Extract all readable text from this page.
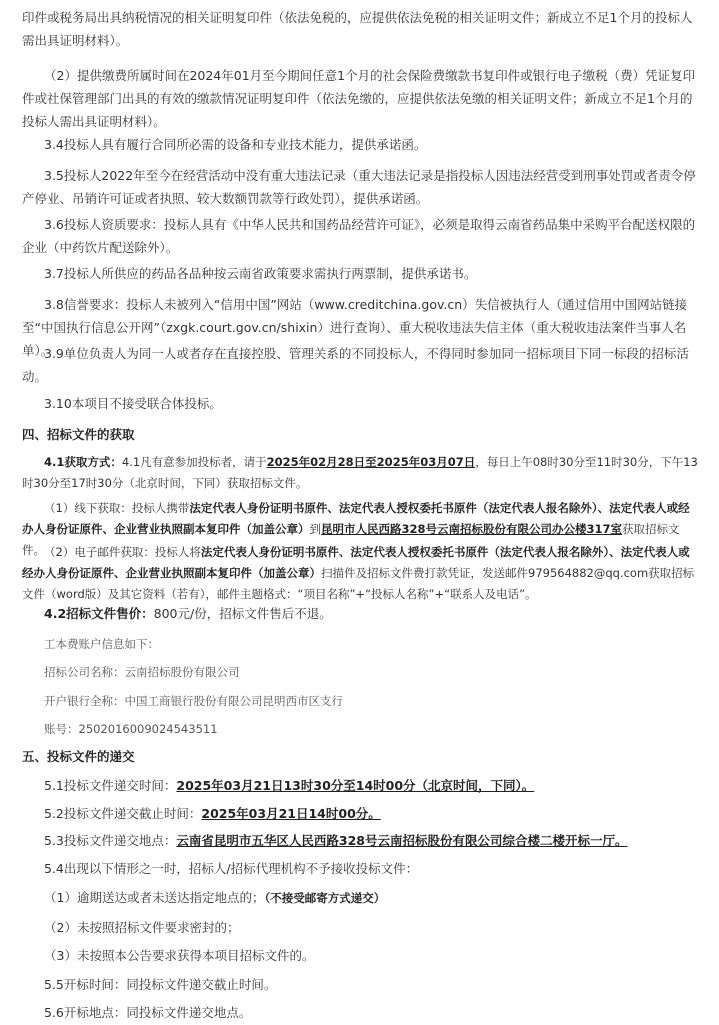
印件或税务局出具纳税情况的相关证明复印件（依法免税的，应提供依法免税的相关证明文件；新成立不足1个月的投标人需出具证明材料）。

（2）提供缴费所属时间在2024年01月至今期间任意1个月的社会保险费缴款书复印件或银行电子缴税（费）凭证复印件或社保管理部门出具的有效的缴款情况证明复印件（依法免缴的，应提供依法免缴的相关证明文件；新成立不足1个月的投标人需出具证明材料）。

3.4投标人具有履行合同所必需的设备和专业技术能力，提供承诺函。

3.5投标人2022年至今在经营活动中没有重大违法记录（重大违法记录是指投标人因违法经营受到刑事处罚或者责令停产停业、吊销许可证或者执照、较大数额罚款等行政处罚），提供承诺函。

3.6投标人资质要求：投标人具有《中华人民共和国药品经营许可证》，必须是取得云南省药品集中采购平台配送权限的企业（中药饮片配送除外）。

3.7投标人所供应的药品各品种按云南省政策要求需执行两票制，提供承诺书。

3.8信誉要求：投标人未被列入“信用中国”网站（www.creditchina.gov.cn）失信被执行人（通过信用中国网站链接至“中国执行信息公开网”（zxgk.court.gov.cn/shixin）进行查询）、重大税收违法失信主体（重大税收违法案件当事人名单）。

3.9单位负责人为同一人或者存在直接控股、管理关系的不同投标人，不得同时参加同一招标项目下同一标段的招标活动。

3.10本项目不接受联合体投标。

四、招标文件的获取

4.1获取方式：4.1凡有意参加投标者，请于2025年02月28日至2025年03月07日，每日上午08时30分至11时30分，下午13时30分至17时30分（北京时间，下同）获取招标文件。

（1）线下获取：投标人携带法定代表人身份证明书原件、法定代表人授权委托书原件（法定代表人报名除外）、法定代表人或经办人身份证原件、企业营业执照副本复印件（加盖公章）到昆明市人民西路328号云南招标股份有限公司办公楼317室获取招标文件。 （2）电子邮件获取：投标人将法定代表人身份证明书原件、法定代表人授权委托书原件（法定代表人报名除外）、法定代表人或经办人身份证原件、企业营业执照副本复印件（加盖公章）扫描件及招标文件费打款凭证，发送邮件979564882@qq.com获取招标文件（word版）及其它资料（若有），邮件主题格式：“项目名称”+“投标人名称”+“联系人及电话”。

4.2招标文件售价：800元/份，招标文件售后不退。

工本费账户信息如下：

招标公司名称：云南招标股份有限公司

开户银行全称：中国工商银行股份有限公司昆明西市区支行

账号：2502016009024543511

五、投标文件的递交

5.1投标文件递交时间：2025年03月21日13时30分至14时00分（北京时间，下同）。

5.2投标文件递交截止时间：2025年03月21日14时00分。

5.3投标文件递交地点：云南省昆明市五华区人民西路328号云南招标股份有限公司综合楼二楼开标一厅。

5.4出现以下情形之一时，招标人/招标代理机构不予接收投标文件：

（1）逾期送达或者未送达指定地点的；（不接受邮寄方式递交）

（2）未按照招标文件要求密封的；

（3）未按照本公告要求获得本项目招标文件的。

5.5开标时间：同投标文件递交截止时间。

5.6开标地点：同投标文件递交地点。
